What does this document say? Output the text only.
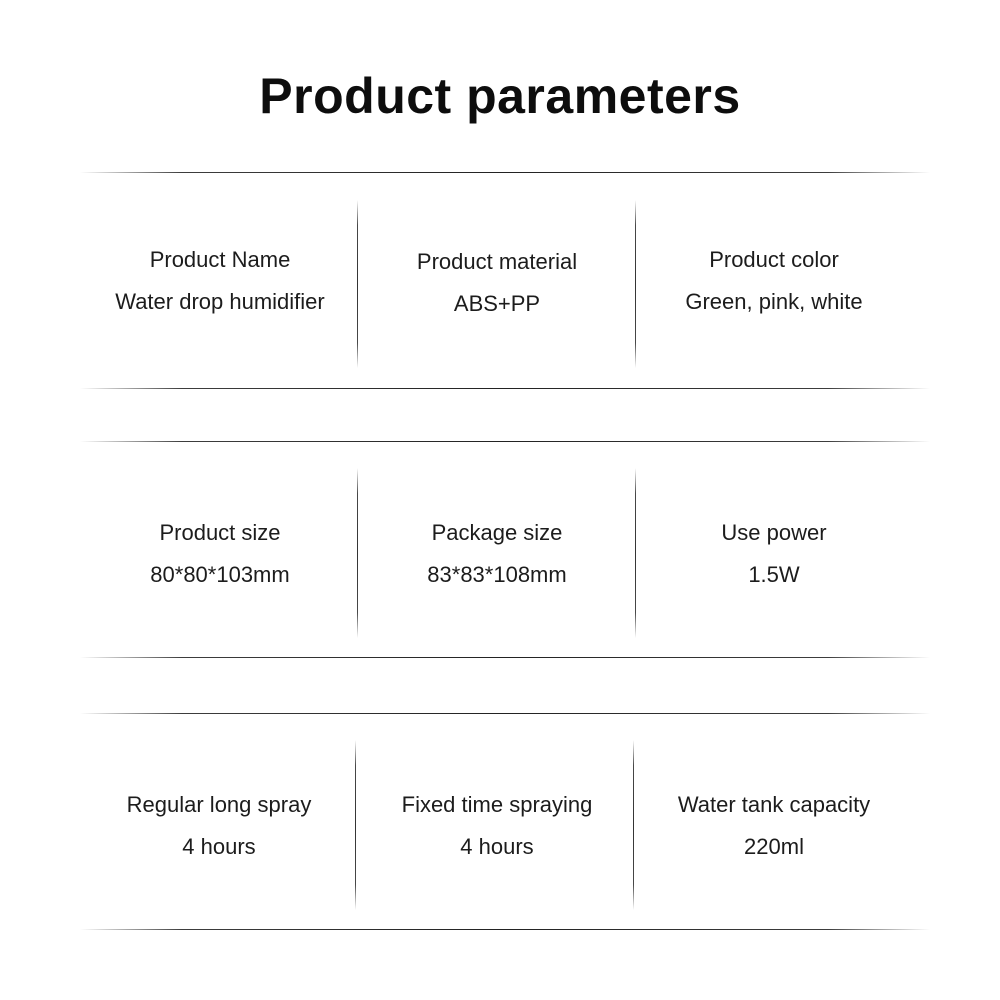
Product parameters
Product Name
Water drop humidifier
Product material
ABS+PP
Product color
Green, pink, white
Product size
80*80*103mm
Package size
83*83*108mm
Use power
1.5W
Regular long spray
4 hours
Fixed time spraying
4 hours
Water tank capacity
220ml
